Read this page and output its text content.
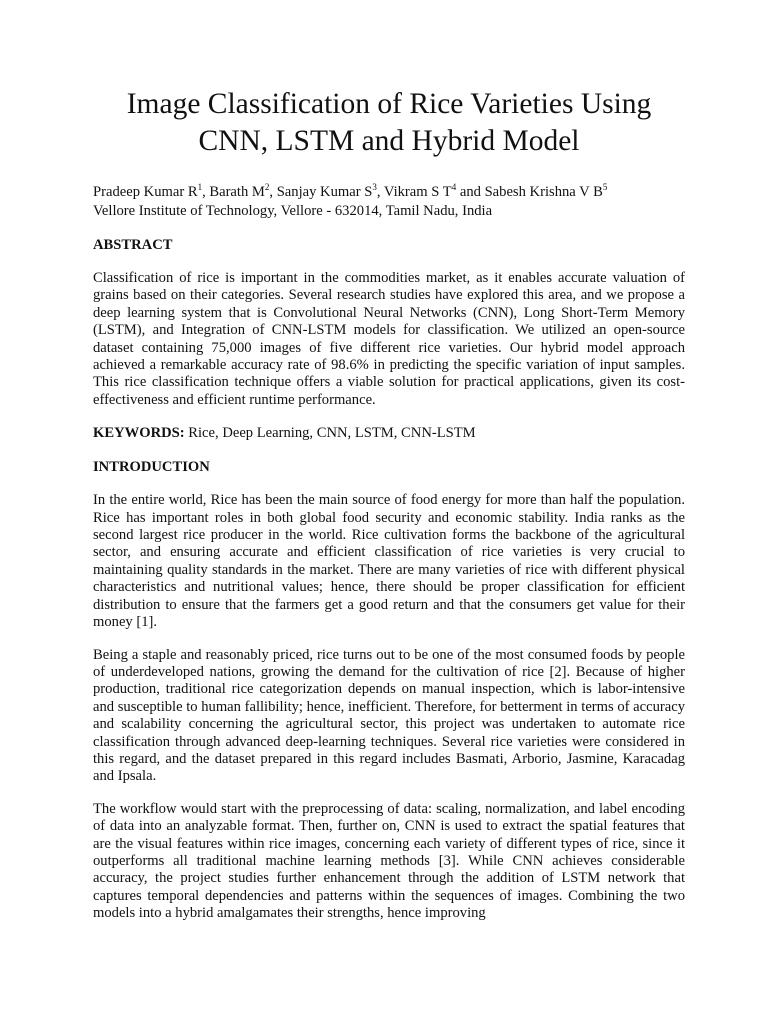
Image Classification of Rice Varieties Using
CNN, LSTM and Hybrid Model
Pradeep Kumar $R^1$, Barath $M^2$, Sanjay Kumar $S^3$, Vikram S $T^4$ and Sabesh Krishna V $B^5$
Vellore Institute of Technology, Vellore - 632014, Tamil Nadu, India
ABSTRACT
Classification of rice is important in the commodities market, as it enables accurate valuation of grains based on their categories. Several research studies have explored this area, and we propose a deep learning system that is Convolutional Neural Networks (CNN), Long Short-Term Memory (LSTM), and Integration of CNN-LSTM models for classification. We utilized an open-source dataset containing 75,000 images of five different rice varieties. Our hybrid model approach achieved a remarkable accuracy rate of 98.6% in predicting the specific variation of input samples. This rice classification technique offers a viable solution for practical applications, given its cost-effectiveness and efficient runtime performance.
KEYWORDS: Rice, Deep Learning, CNN, LSTM, CNN-LSTM
INTRODUCTION
In the entire world, Rice has been the main source of food energy for more than half the population. Rice has important roles in both global food security and economic stability. India ranks as the second largest rice producer in the world. Rice cultivation forms the backbone of the agricultural sector, and ensuring accurate and efficient classification of rice varieties is very crucial to maintaining quality standards in the market. There are many varieties of rice with different physical characteristics and nutritional values; hence, there should be proper classification for efficient distribution to ensure that the farmers get a good return and that the consumers get value for their money [1].
Being a staple and reasonably priced, rice turns out to be one of the most consumed foods by people of underdeveloped nations, growing the demand for the cultivation of rice [2]. Because of higher production, traditional rice categorization depends on manual inspection, which is labor-intensive and susceptible to human fallibility; hence, inefficient. Therefore, for betterment in terms of accuracy and scalability concerning the agricultural sector, this project was undertaken to automate rice classification through advanced deep-learning techniques. Several rice varieties were considered in this regard, and the dataset prepared in this regard includes Basmati, Arborio, Jasmine, Karacadag and Ipsala.
The workflow would start with the preprocessing of data: scaling, normalization, and label encoding of data into an analyzable format. Then, further on, CNN is used to extract the spatial features that are the visual features within rice images, concerning each variety of different types of rice, since it outperforms all traditional machine learning methods [3]. While CNN achieves considerable accuracy, the project studies further enhancement through the addition of LSTM network that captures temporal dependencies and patterns within the sequences of images. Combining the two models into a hybrid amalgamates their strengths, hence improving
